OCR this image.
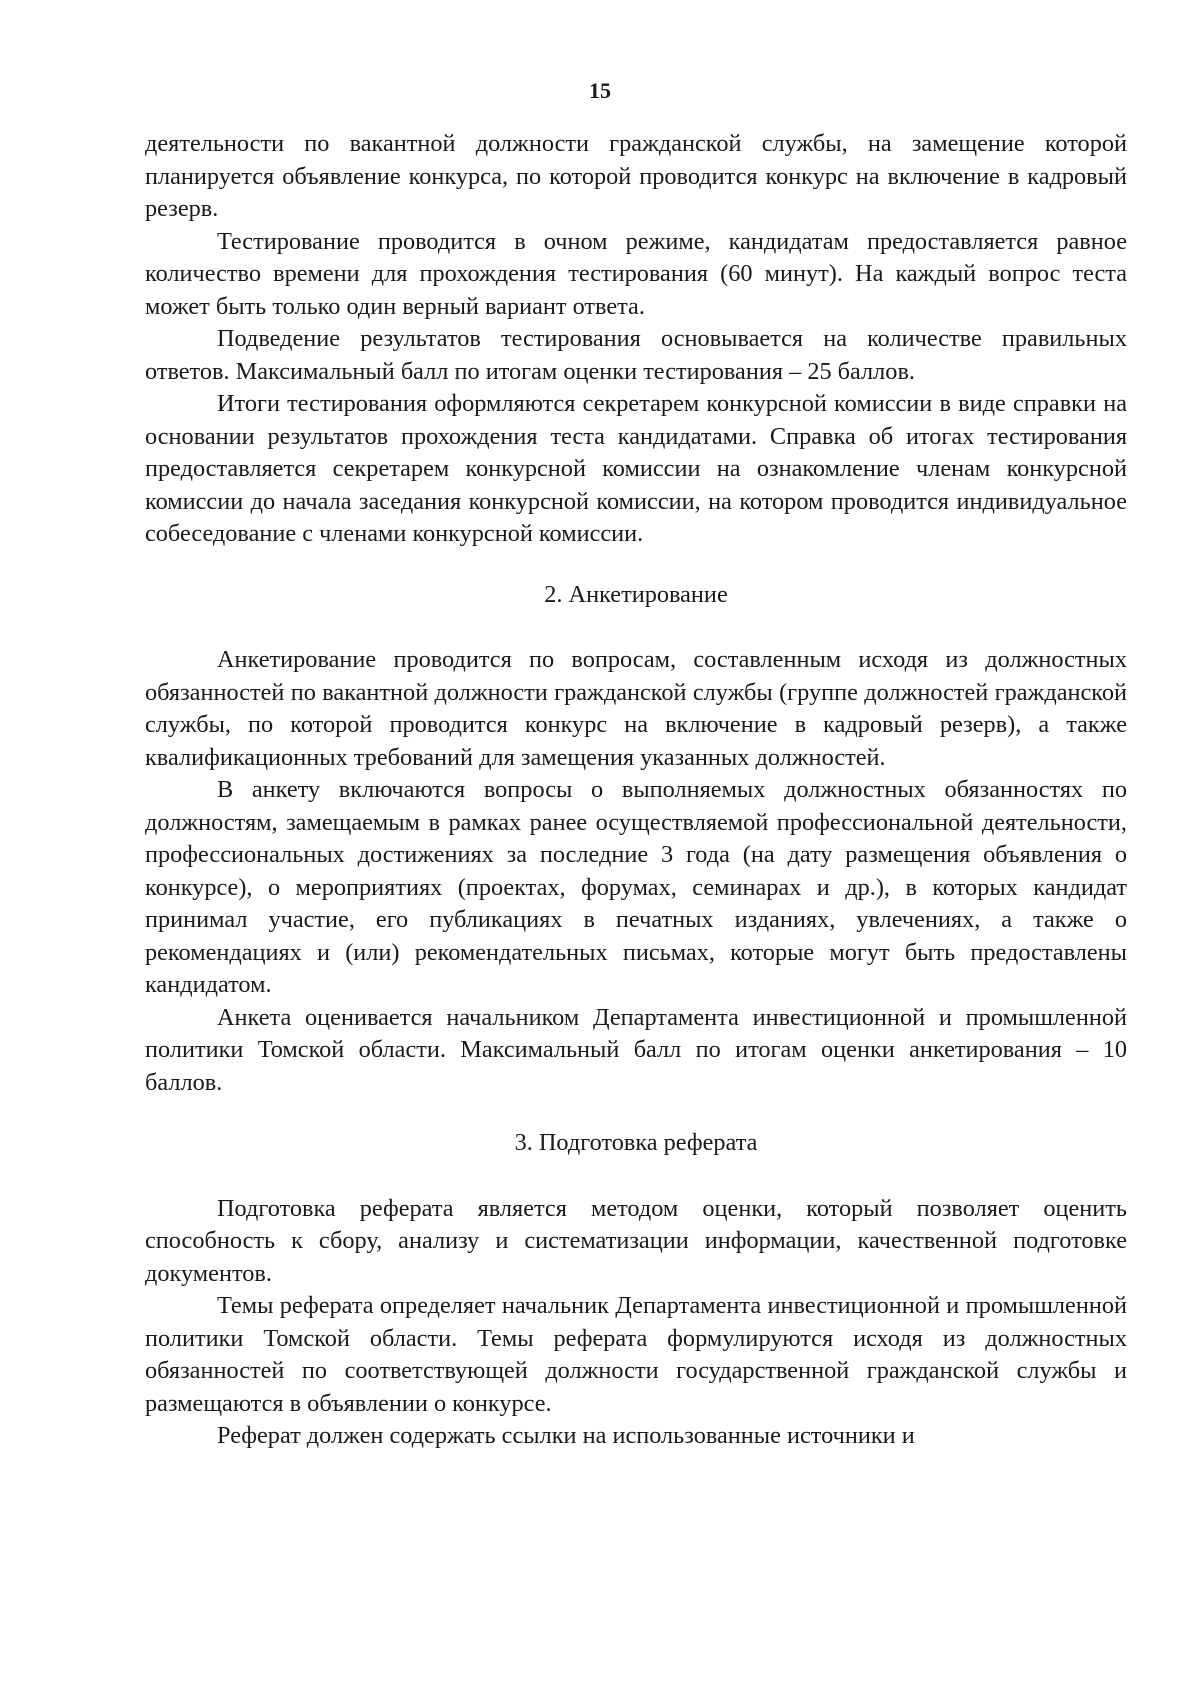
15

деятельности по вакантной должности гражданской службы, на замещение которой планируется объявление конкурса, по которой проводится конкурс на включение в кадровый резерв.

Тестирование проводится в очном режиме, кандидатам предоставляется равное количество времени для прохождения тестирования (60 минут). На каждый вопрос теста может быть только один верный вариант ответа.

Подведение результатов тестирования основывается на количестве правильных ответов. Максимальный балл по итогам оценки тестирования – 25 баллов.

Итоги тестирования оформляются секретарем конкурсной комиссии в виде справки на основании результатов прохождения теста кандидатами. Справка об итогах тестирования предоставляется секретарем конкурсной комиссии на ознакомление членам конкурсной комиссии до начала заседания конкурсной комиссии, на котором проводится индивидуальное собеседование с членами конкурсной комиссии.

2. Анкетирование

Анкетирование проводится по вопросам, составленным исходя из должностных обязанностей по вакантной должности гражданской службы (группе должностей гражданской службы, по которой проводится конкурс на включение в кадровый резерв), а также квалификационных требований для замещения указанных должностей.

В анкету включаются вопросы о выполняемых должностных обязанностях по должностям, замещаемым в рамках ранее осуществляемой профессиональной деятельности, профессиональных достижениях за последние 3 года (на дату размещения объявления о конкурсе), о мероприятиях (проектах, форумах, семинарах и др.), в которых кандидат принимал участие, его публикациях в печатных изданиях, увлечениях, а также о рекомендациях и (или) рекомендательных письмах, которые могут быть предоставлены кандидатом.

Анкета оценивается начальником Департамента инвестиционной и промышленной политики Томской области. Максимальный балл по итогам оценки анкетирования – 10 баллов.

3. Подготовка реферата

Подготовка реферата является методом оценки, который позволяет оценить способность к сбору, анализу и систематизации информации, качественной подготовке документов.

Темы реферата определяет начальник Департамента инвестиционной и промышленной политики Томской области. Темы реферата формулируются исходя из должностных обязанностей по соответствующей должности государственной гражданской службы и размещаются в объявлении о конкурсе.

Реферат должен содержать ссылки на использованные источники и
